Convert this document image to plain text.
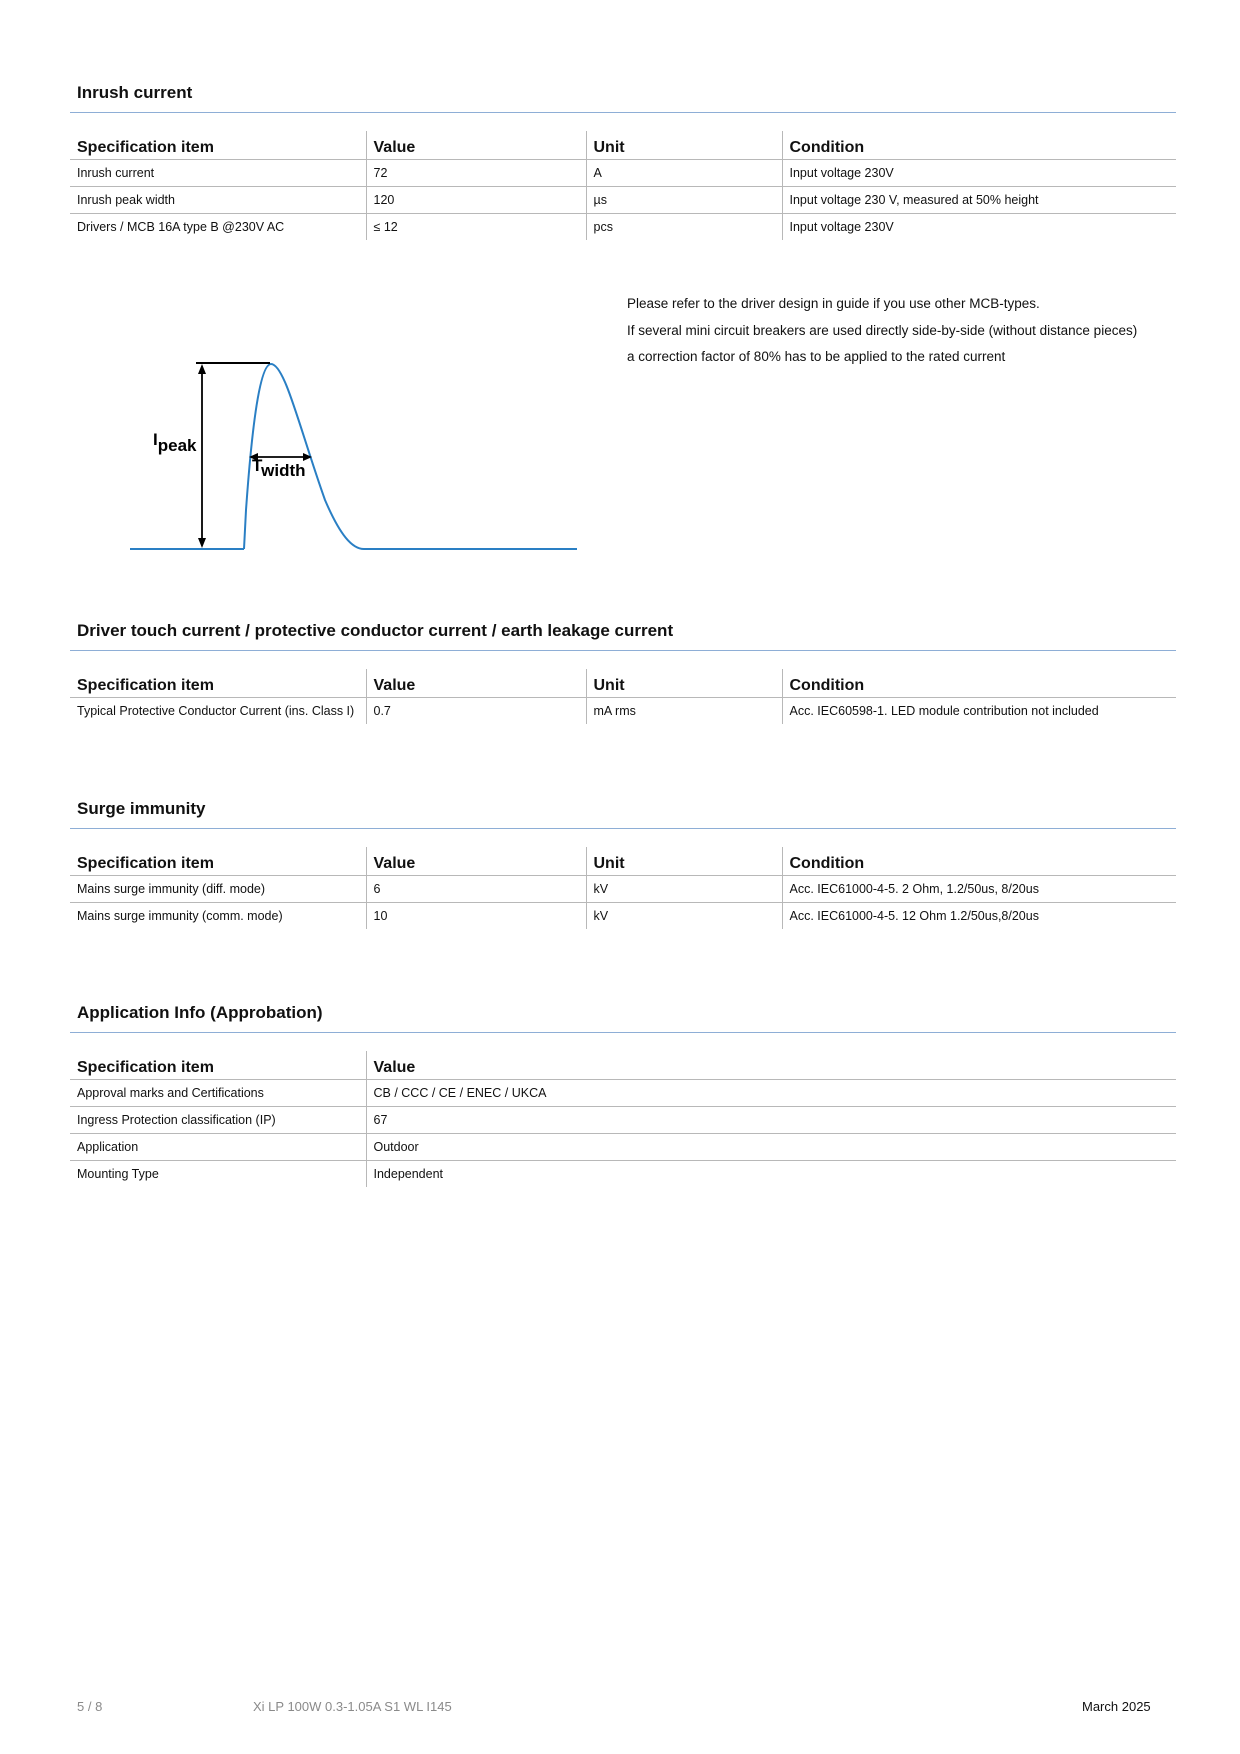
Inrush current
Specification item	Value	Unit	Condition
Inrush current	72	A	Input voltage 230V
Inrush peak width	120	µs	Input voltage 230 V, measured at 50% height
Drivers / MCB 16A type B @230V AC	≤ 12	pcs	Input voltage 230V
Ipeak
Twidth
Please refer to the driver design in guide if you use other MCB-types.
If several mini circuit breakers are used directly side-by-side (without distance pieces)
a correction factor of 80% has to be applied to the rated current
Driver touch current / protective conductor current / earth leakage current
Specification item	Value	Unit	Condition
Typical Protective Conductor Current (ins. Class I)	0.7	mA rms	Acc. IEC60598-1. LED module contribution not included
Surge immunity
Specification item	Value	Unit	Condition
Mains surge immunity (diff. mode)	6	kV	Acc. IEC61000-4-5. 2 Ohm, 1.2/50us, 8/20us
Mains surge immunity (comm. mode)	10	kV	Acc. IEC61000-4-5. 12 Ohm 1.2/50us,8/20us
Application Info (Approbation)
Specification item	Value
Approval marks and Certifications	CB / CCC / CE / ENEC / UKCA
Ingress Protection classification (IP)	67
Application	Outdoor
Mounting Type	Independent
5 / 8	Xi LP 100W 0.3-1.05A S1 WL I145	March 2025
